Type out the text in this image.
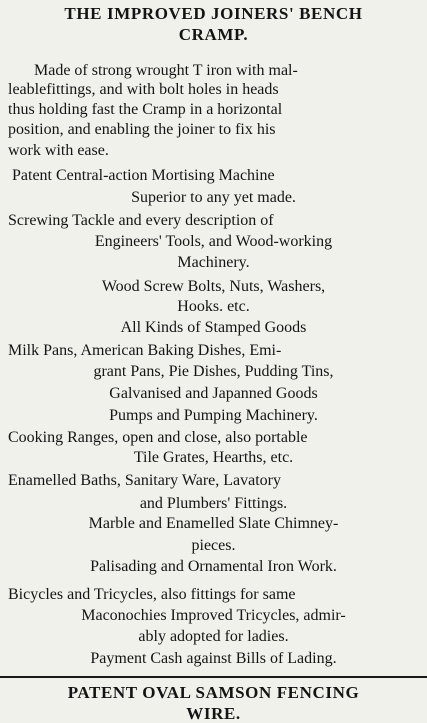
THE IMPROVED JOINERS' BENCH
CRAMP.
Made of strong wrought T iron with mal-
leablefittings, and with bolt holes in heads
thus holding fast the Cramp in a horizontal
position, and enabling the joiner to fix his
work with ease.
Patent Central-action Mortising Machine
Superior to any yet made.
Screwing Tackle and every description of
Engineers' Tools, and Wood-working
Machinery.
Wood Screw Bolts, Nuts, Washers,
Hooks. etc.
All Kinds of Stamped Goods
Milk Pans, American Baking Dishes, Emi-
grant Pans, Pie Dishes, Pudding Tins,
Galvanised and Japanned Goods
Pumps and Pumping Machinery.
Cooking Ranges, open and close, also portable
Tile Grates, Hearths, etc.
Enamelled Baths, Sanitary Ware, Lavatory
and Plumbers' Fittings.
Marble and Enamelled Slate Chimney-
pieces.
Palisading and Ornamental Iron Work.
Bicycles and Tricycles, also fittings for same
Maconochies Improved Tricycles, admir-
ably adopted for ladies.
Payment Cash against Bills of Lading.
PATENT OVAL SAMSON FENCING
WIRE.
